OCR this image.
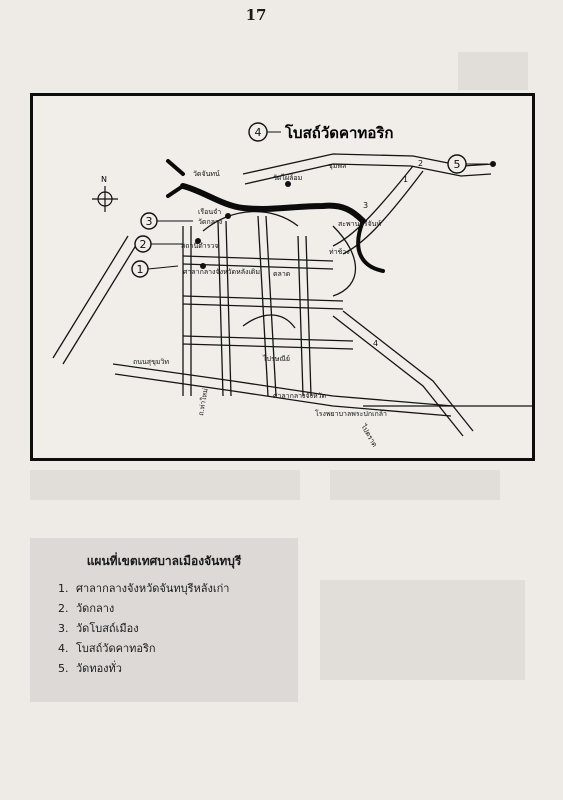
17
N
1
2
3
4
5
โบสถ์วัดคาทอริก
วัดจันทน์
ชุมพล
วัดไผ่ล้อม
วัดกลาง
เรือนจำ
สะพานศรีจันท์
ศาลากลางจังหวัดหลังเดิม
สถานีตำรวจ
ตลาด
ถนนสุขุมวิท
ท่าช้าง
โรงพยาบาลพระปกเกล้า
ศาลากลางจังหวัด
ไปรษณีย์
ถ.ท่าใหม่
ไปตราด
1
2
3
4
แผนที่เขตเทศบาลเมืองจันทบุรี
1. ศาลากลางจังหวัดจันทบุรีหลังเก่า
2. วัดกลาง
3. วัดโบสถ์เมือง
4. โบสถ์วัดคาทอริก
5. วัดทองทั่ว
